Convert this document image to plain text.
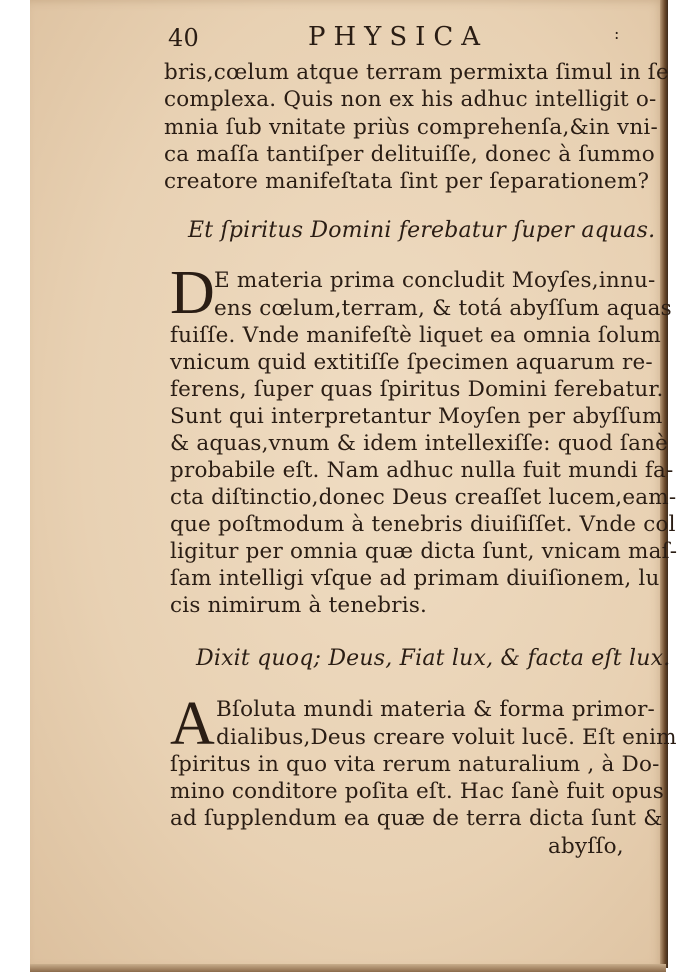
40	PHYSICA	:
bris,cœlum atque terram permixta ſimul in ſe
complexa. Quis non ex his adhuc intelligit o-
mnia ſub vnitate priùs comprehenſa,&in vni-
ca maſſa tantiſper delituiſſe, donec à ſummo
creatore manifeſtata ſint per ſeparationem?
Et ſpiritus Domini ferebatur ſuper aquas.
D E materia prima concludit Moyſes,innu-
ens cœlum,terram, & totá abyſſum aquas
fuiſſe. Vnde manifeſtè liquet ea omnia ſolum
vnicum quid extitiſſe ſpecimen aquarum re-
ferens, ſuper quas ſpiritus Domini ferebatur.
Sunt qui interpretantur Moyſen per abyſſum
& aquas,vnum & idem intellexiſſe: quod ſanè
probabile eſt. Nam adhuc nulla fuit mundi fa-
cta diſtinctio,donec Deus creaſſet lucem,eam-
que poſtmodum à tenebris diuiſiſſet. Vnde col
ligitur per omnia quæ dicta ſunt, vnicam maſ-
ſam intelligi vſque ad primam diuiſionem, lu
cis nimirum à tenebris.
Dixit quoq; Deus, Fiat lux, & facta eſt lux.
A Bſoluta mundi materia & forma primor-
dialibus,Deus creare voluit lucē. Eſt enim
ſpiritus in quo vita rerum naturalium , à Do-
mino conditore poſita eſt. Hac ſanè fuit opus
ad ſupplendum ea quæ de terra dicta ſunt &
abyſſo,
